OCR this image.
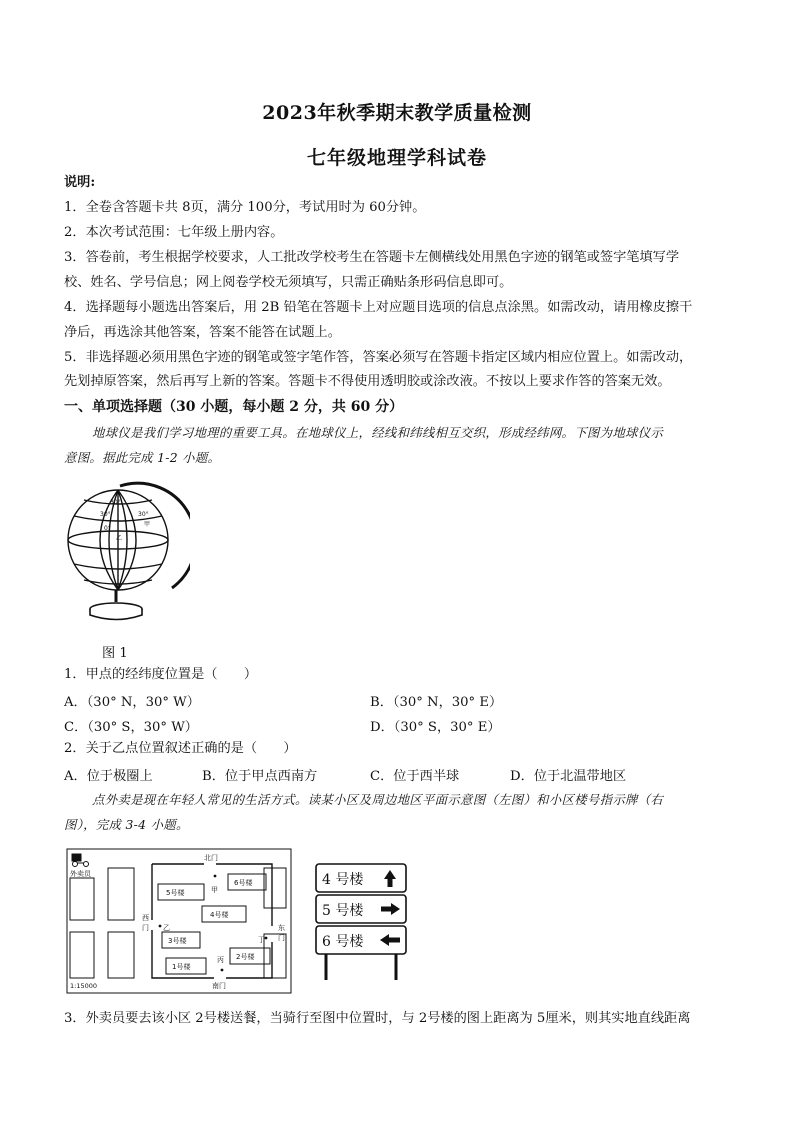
2023年秋季期末教学质量检测
七年级地理学科试卷
说明:
1．全卷含答题卡共 8页，满分 100分，考试用时为 60分钟。
2．本次考试范围：七年级上册内容。
3．答卷前，考生根据学校要求，人工批改学校考生在答题卡左侧横线处用黑色字迹的钢笔或签字笔填写学
校、姓名、学号信息；网上阅卷学校无须填写，只需正确贴条形码信息即可。
4．选择题每小题选出答案后，用 2B 铅笔在答题卡上对应题目选项的信息点涂黑。如需改动，请用橡皮擦干
净后，再选涂其他答案，答案不能答在试题上。
5．非选择题必须用黑色字迹的钢笔或签字笔作答，答案必须写在答题卡指定区域内相应位置上。如需改动，
先划掉原答案，然后再写上新的答案。答题卡不得使用透明胶或涂改液。不按以上要求作答的答案无效。
一、单项选择题（30 小题，每小题 2 分，共 60 分）
地球仪是我们学习地理的重要工具。在地球仪上，经线和纬线相互交织，形成经纬网。下图为地球仪示
意图。据此完成 1-2 小题。
30°
30°
0°
乙
30°
甲
图 1
1．甲点的经纬度位置是（　　）
A．（30° N，30° W）	B．（30° N，30° E）
C．（30° S，30° W）	D．（30° S，30° E）
2．关于乙点位置叙述正确的是（　　）
A．位于极圈上	B．位于甲点西南方	C．位于西半球	D．位于北温带地区
点外卖是现在年轻人常见的生活方式。读某小区及周边地区平面示意图（左图）和小区楼号指示牌（右
图），完成 3-4 小题。
外卖员
北门
南门
西
门	东
门
5号楼
6号楼
4号楼
3号楼
2号楼
1号楼
甲
乙
丙
丁
1:15000
4 号楼
5 号楼
6 号楼
3．外卖员要去该小区 2号楼送餐，当骑行至图中位置时，与 2号楼的图上距离为 5厘米，则其实地直线距离
